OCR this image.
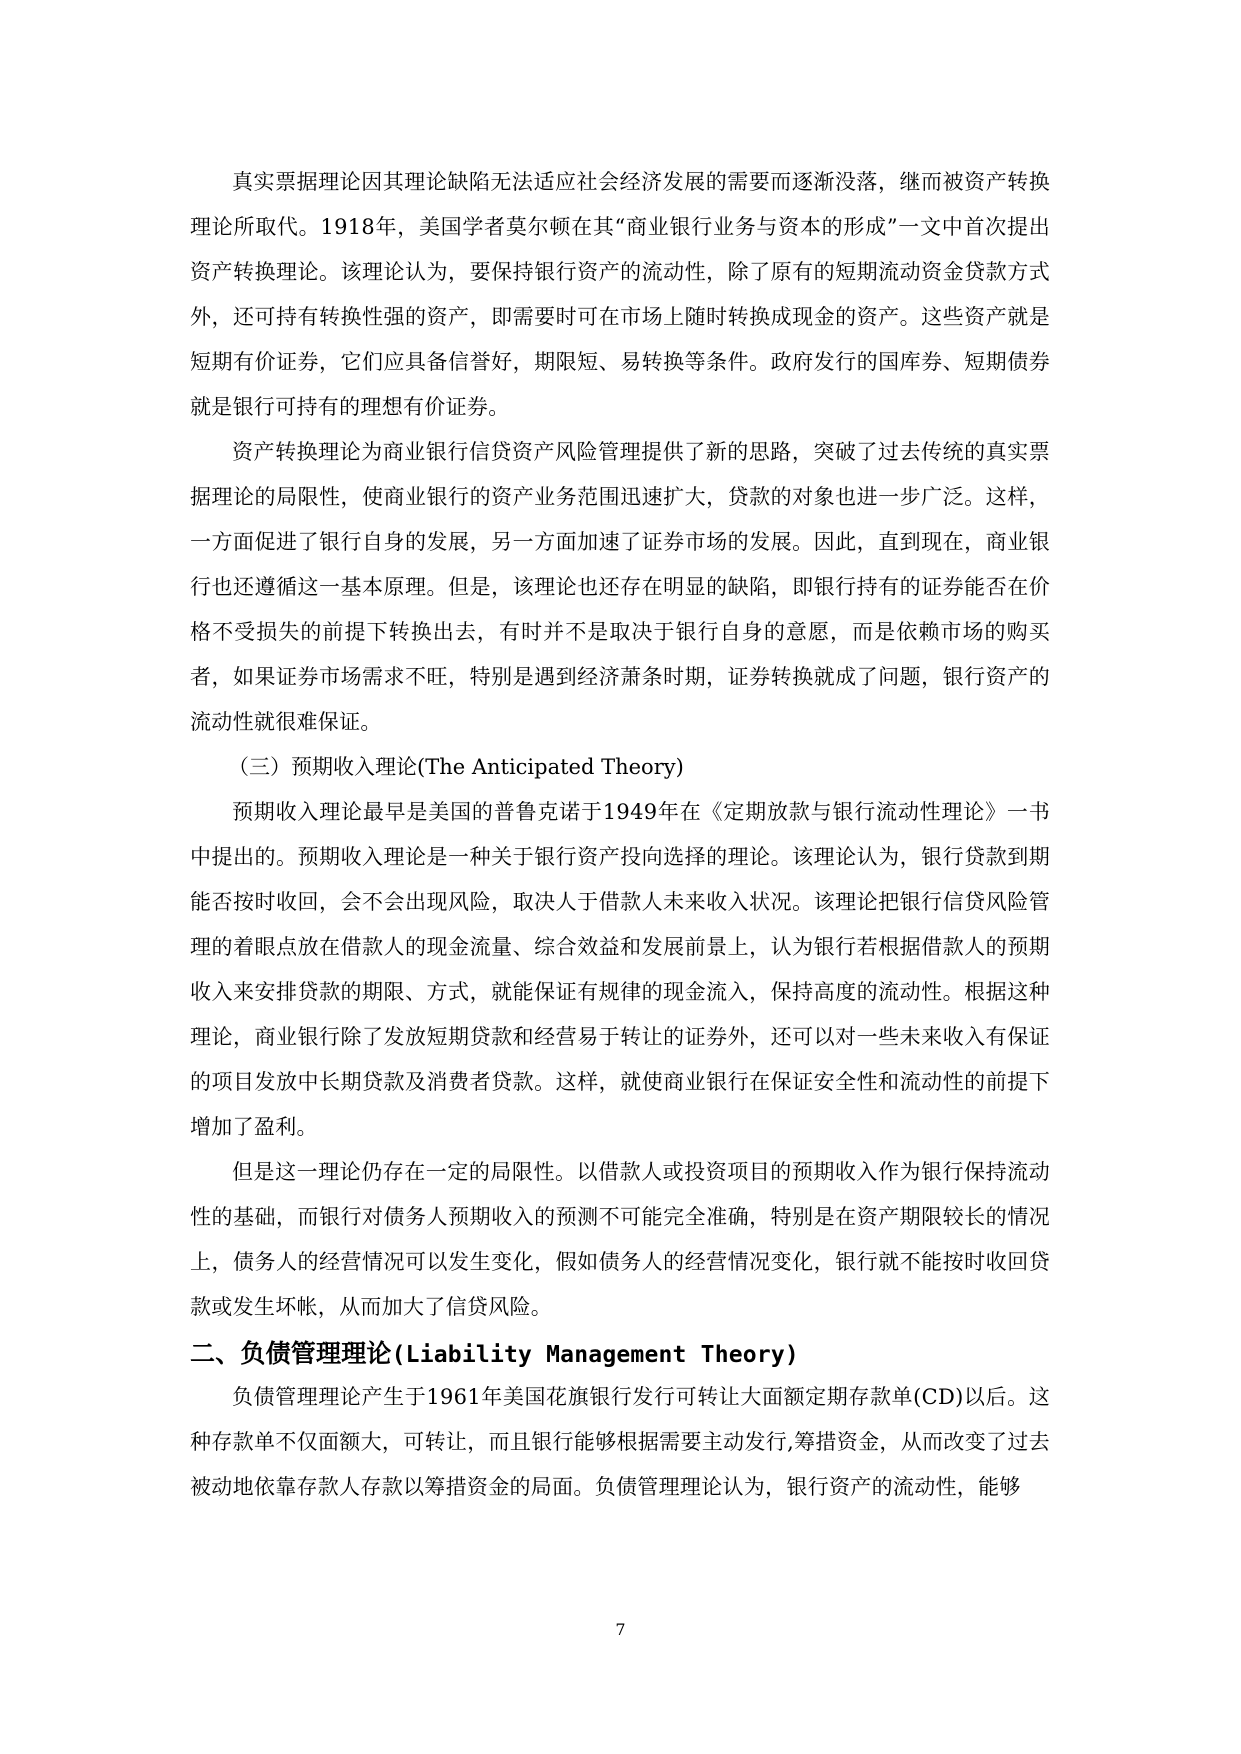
真实票据理论因其理论缺陷无法适应社会经济发展的需要而逐渐没落，继而被资产转换理论所取代。1918年，美国学者莫尔顿在其“商业银行业务与资本的形成”一文中首次提出资产转换理论。该理论认为，要保持银行资产的流动性，除了原有的短期流动资金贷款方式外，还可持有转换性强的资产，即需要时可在市场上随时转换成现金的资产。这些资产就是短期有价证券，它们应具备信誉好，期限短、易转换等条件。政府发行的国库券、短期债券就是银行可持有的理想有价证券。

资产转换理论为商业银行信贷资产风险管理提供了新的思路，突破了过去传统的真实票据理论的局限性，使商业银行的资产业务范围迅速扩大，贷款的对象也进一步广泛。这样，一方面促进了银行自身的发展，另一方面加速了证券市场的发展。因此，直到现在，商业银行也还遵循这一基本原理。但是，该理论也还存在明显的缺陷，即银行持有的证券能否在价格不受损失的前提下转换出去，有时并不是取决于银行自身的意愿，而是依赖市场的购买者，如果证券市场需求不旺，特别是遇到经济萧条时期，证券转换就成了问题，银行资产的流动性就很难保证。

（三）预期收入理论(The Anticipated Theory)

预期收入理论最早是美国的普鲁克诺于1949年在《定期放款与银行流动性理论》一书中提出的。预期收入理论是一种关于银行资产投向选择的理论。该理论认为，银行贷款到期能否按时收回，会不会出现风险，取决人于借款人未来收入状况。该理论把银行信贷风险管理的着眼点放在借款人的现金流量、综合效益和发展前景上，认为银行若根据借款人的预期收入来安排贷款的期限、方式，就能保证有规律的现金流入，保持高度的流动性。根据这种理论，商业银行除了发放短期贷款和经营易于转让的证券外，还可以对一些未来收入有保证的项目发放中长期贷款及消费者贷款。这样，就使商业银行在保证安全性和流动性的前提下增加了盈利。

但是这一理论仍存在一定的局限性。以借款人或投资项目的预期收入作为银行保持流动性的基础，而银行对债务人预期收入的预测不可能完全准确，特别是在资产期限较长的情况上，债务人的经营情况可以发生变化，假如债务人的经营情况变化，银行就不能按时收回贷款或发生坏帐，从而加大了信贷风险。

二、负债管理理论(Liability Management Theory)

负债管理理论产生于1961年美国花旗银行发行可转让大面额定期存款单(CD)以后。这种存款单不仅面额大，可转让，而且银行能够根据需要主动发行,筹措资金，从而改变了过去被动地依靠存款人存款以筹措资金的局面。负债管理理论认为，银行资产的流动性，能够

7
